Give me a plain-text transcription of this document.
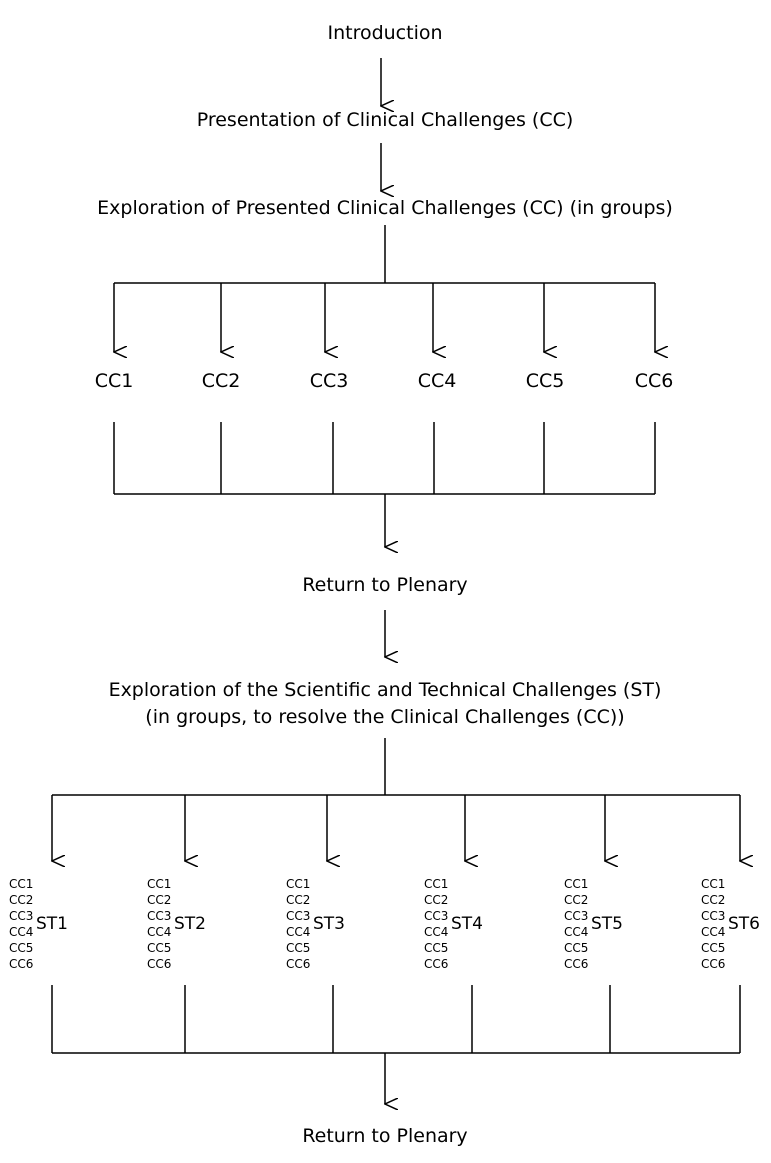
Introduction
Presentation of Clinical Challenges (CC)
Exploration of Presented Clinical Challenges (CC) (in groups)
CC1	CC2	CC3	CC4	CC5	CC6
Return to Plenary
Exploration of the Scientific and Technical Challenges (ST)
(in groups, to resolve the Clinical Challenges (CC))
CC1
CC2
CC3
CC4
CC5
CC6
ST1
CC1
CC2
CC3
CC4
CC5
CC6
ST2
CC1
CC2
CC3
CC4
CC5
CC6
ST3
CC1
CC2
CC3
CC4
CC5
CC6
ST4
CC1
CC2
CC3
CC4
CC5
CC6
ST5
CC1
CC2
CC3
CC4
CC5
CC6
ST6
Return to Plenary
